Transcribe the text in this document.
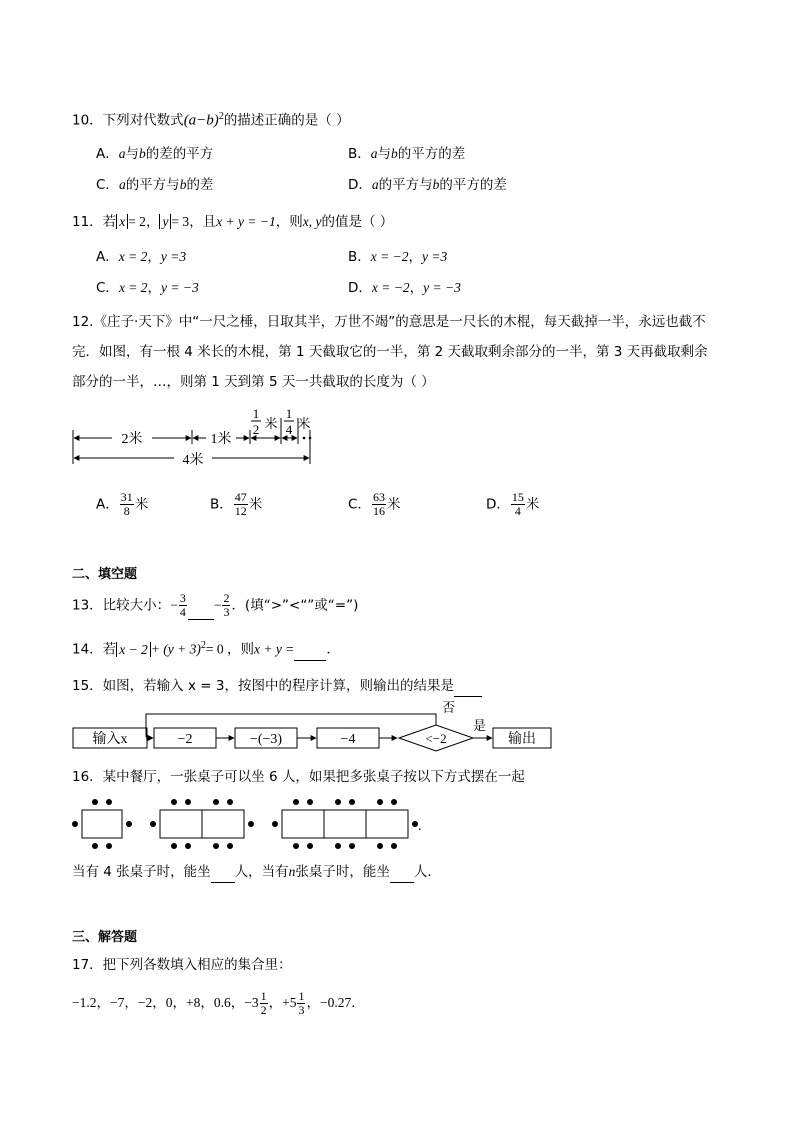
10．下列对代数式$(a-b)^2$的描述正确的是（ ）
A．a与b的差的平方	B．a与b的平方的差
C．a的平方与b的差	D．a的平方与b的平方的差
11．若 x = 2， y = 3，且x + y = −1，则x, y的值是（ ）
A．x = 2，y =3	B．x = −2，y =3
C．x = 2，y = −3	D．x = −2，y = −3
12.《庄子·天下》中“一尺之棰，日取其半，万世不竭”的意思是一尺长的木棍，每天截掉一半，永远也截不
完．如图，有一根 4 米长的木棍，第 1 天截取它的一半，第 2 天截取剩余部分的一半，第 3 天再截取剩余
部分的一半，…，则第 1 天到第 5 天一共截取的长度为（ ）
2米	1米
1
2 米
1
4 米
4米
A． $\frac{31}{8}$ 米	B． $\frac{47}{12}$ 米	C． $\frac{63}{16}$ 米	D． $\frac{15}{4}$ 米
二、填空题
13．比较大小：− $\frac{3}{4} - \frac{2}{3}$ ．(填“>”<“”或“=”)
14．若 $x - 2 + (y + 3)^2= 0$ ，则x + y = ．
15．如图，若输入 x = 3，按图中的程序计算，则输出的结果是
输入x	−2	−(−3)	−4	<−2
否
是
输出
16．某中餐厅，一张桌子可以坐 6 人，如果把多张桌子按以下方式摆在一起
.
当有 4 张桌子时，能坐 人，当有n张桌子时，能坐 人．
三、解答题
17．把下列各数填入相应的集合里：
−1.2，−7，−2，0，+8，0.6，$-3 \frac{1}{2}$ ，$+5 \frac{1}{3}$ ，−0.27．
